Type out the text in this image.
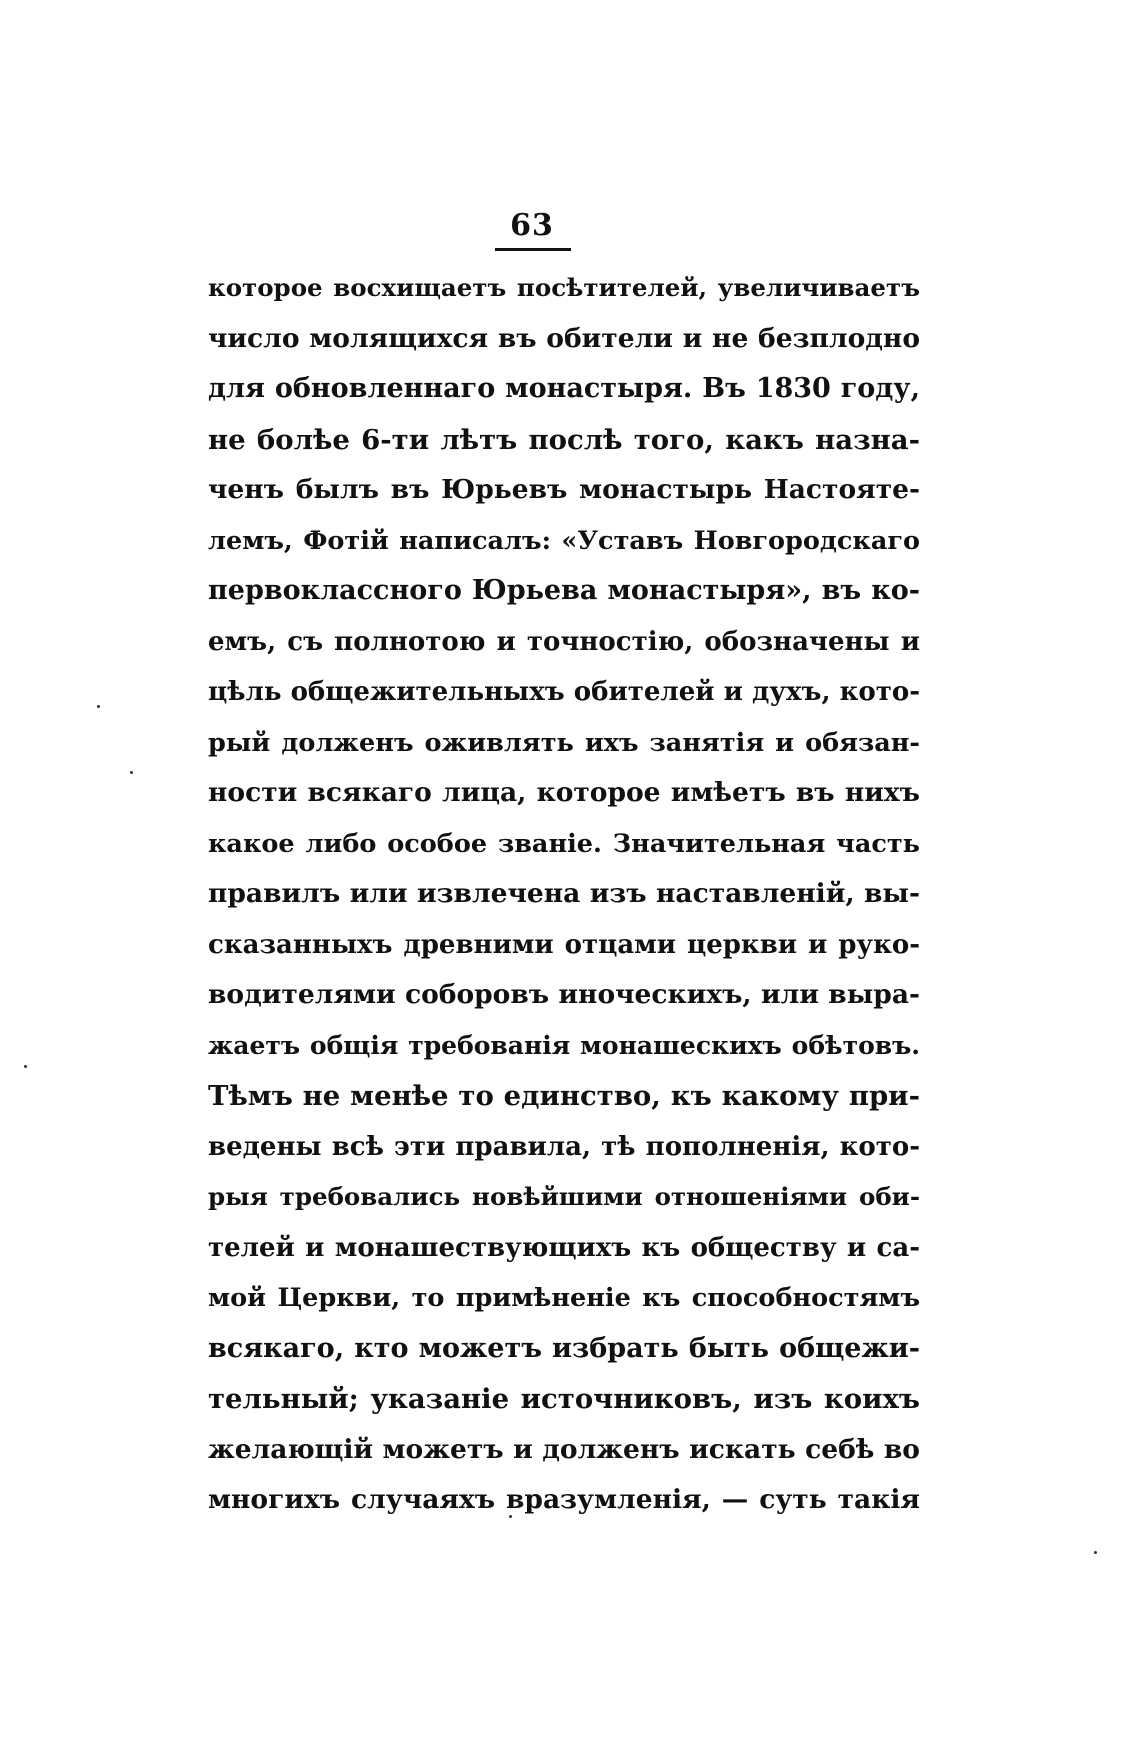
63
которое восхищаетъ посѣтителей, увеличиваетъ
число молящихся въ обители и не безплодно
для обновленнаго монастыря. Въ 1830 году,
не болѣе 6-ти лѣтъ послѣ того, какъ назна-
ченъ былъ въ Юрьевъ монастырь Настояте-
лемъ, Фотій написалъ: «Уставъ Новгородскаго
первоклассного Юрьева монастыря», въ ко-
емъ, съ полнотою и точностію, обозначены и
цѣль общежительныхъ обителей и духъ, кото-
рый долженъ оживлять ихъ занятія и обязан-
ности всякаго лица, которое имѣетъ въ нихъ
какое либо особое званіе. Значительная часть
правилъ или извлечена изъ наставленій, вы-
сказанныхъ древними отцами церкви и руко-
водителями соборовъ иноческихъ, или выра-
жаетъ общія требованія монашескихъ обѣтовъ.
Тѣмъ не менѣе то единство, къ какому при-
ведены всѣ эти правила, тѣ пополненія, кото-
рыя требовались новѣйшими отношеніями оби-
телей и монашествующихъ къ обществу и са-
мой Церкви, то примѣненіе къ способностямъ
всякаго, кто можетъ избрать быть общежи-
тельный; указаніе источниковъ, изъ коихъ
желающій можетъ и долженъ искать себѣ во
многихъ случаяхъ вразумленія, — суть такія
